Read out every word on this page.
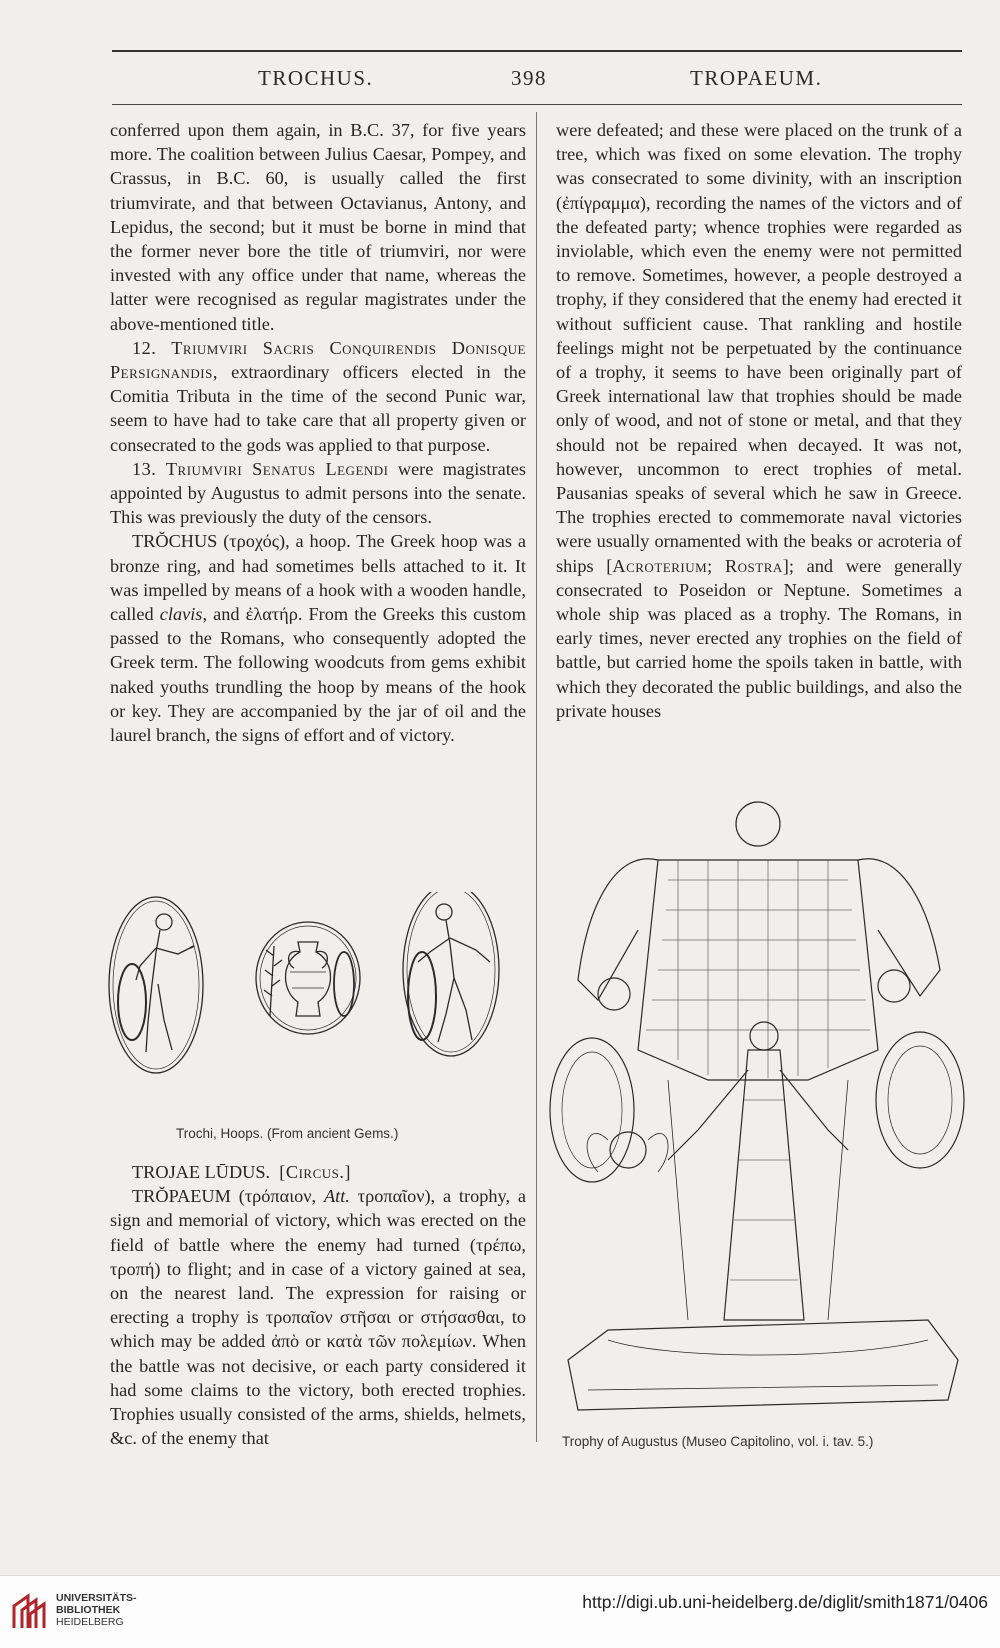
TROCHUS.	398	TROPAEUM.

conferred upon them again, in B.C. 37, for five years more. The coalition between Julius Caesar, Pompey, and Crassus, in B.C. 60, is usually called the first triumvirate, and that between Octavianus, Antony, and Lepidus, the second; but it must be borne in mind that the former never bore the title of triumviri, nor were invested with any office under that name, whereas the latter were recognised as regular magistrates under the above-mentioned title.

12. Triumviri Sacris Conquirendis Donisque Persignandis, extraordinary officers elected in the Comitia Tributa in the time of the second Punic war, seem to have had to take care that all property given or consecrated to the gods was applied to that purpose.

13. Triumviri Senatus Legendi were magistrates appointed by Augustus to admit persons into the senate. This was previously the duty of the censors.

TRŎCHUS (τροχός), a hoop. The Greek hoop was a bronze ring, and had sometimes bells attached to it. It was impelled by means of a hook with a wooden handle, called clavis, and ἐλατήρ. From the Greeks this custom passed to the Romans, who consequently adopted the Greek term. The following woodcuts from gems exhibit naked youths trundling the hoop by means of the hook or key. They are accompanied by the jar of oil and the laurel branch, the signs of effort and of victory.

Trochi, Hoops. (From ancient Gems.)

TROJAE LŪDUS. [Circus.]

TRŎPAEUM (τρόπαιον, Att. τροπαῖον), a trophy, a sign and memorial of victory, which was erected on the field of battle where the enemy had turned (τρέπω, τροπή) to flight; and in case of a victory gained at sea, on the nearest land. The expression for raising or erecting a trophy is τροπαῖον στῆσαι or στήσασθαι, to which may be added ἀπὸ or κατὰ τῶν πολεμίων. When the battle was not decisive, or each party considered it had some claims to the victory, both erected trophies. Trophies usually consisted of the arms, shields, helmets, &c. of the enemy that

were defeated; and these were placed on the trunk of a tree, which was fixed on some elevation. The trophy was consecrated to some divinity, with an inscription (ἐπίγραμμα), recording the names of the victors and of the defeated party; whence trophies were regarded as inviolable, which even the enemy were not permitted to remove. Sometimes, however, a people destroyed a trophy, if they considered that the enemy had erected it without sufficient cause. That rankling and hostile feelings might not be perpetuated by the continuance of a trophy, it seems to have been originally part of Greek international law that trophies should be made only of wood, and not of stone or metal, and that they should not be repaired when decayed. It was not, however, uncommon to erect trophies of metal. Pausanias speaks of several which he saw in Greece. The trophies erected to commemorate naval victories were usually ornamented with the beaks or acroteria of ships [Acroterium; Rostra]; and were generally consecrated to Poseidon or Neptune. Sometimes a whole ship was placed as a trophy. The Romans, in early times, never erected any trophies on the field of battle, but carried home the spoils taken in battle, with which they decorated the public buildings, and also the private houses

Trophy of Augustus (Museo Capitolino, vol. i. tav. 5.)
UNIVERSITÄTS-
BIBLIOTHEK
HEIDELBERG
http://digi.ub.uni-heidelberg.de/diglit/smith1871/0406
